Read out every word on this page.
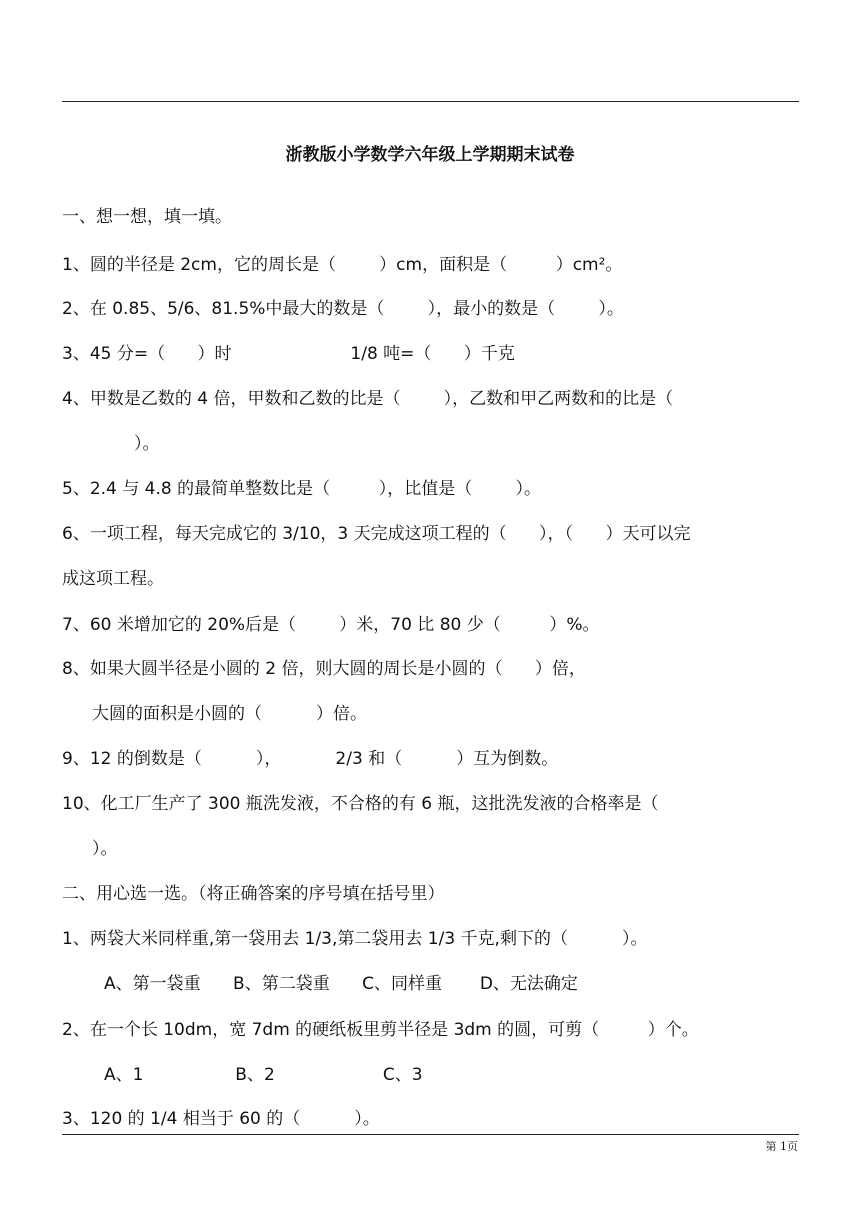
浙教版小学数学六年级上学期期末试卷
一、想一想，填一填。
1、圆的半径是 2cm，它的周长是（        ）cm，面积是（         ）cm²。
2、在 0.85、5/6、81.5%中最大的数是（        ），最小的数是（        ）。
3、45 分=（      ）时                      1/8 吨=（      ）千克
4、甲数是乙数的 4 倍，甲数和乙数的比是（        ），乙数和甲乙两数和的比是（
）。
5、2.4 与 4.8 的最简单整数比是（         ），比值是（        ）。
6、一项工程，每天完成它的 3/10，3 天完成这项工程的（      ），（      ）天可以完
成这项工程。
7、60 米增加它的 20%后是（        ）米，70 比 80 少（         ）%。
8、如果大圆半径是小圆的 2 倍，则大圆的周长是小圆的（      ）倍，
大圆的面积是小圆的（          ）倍。
9、12 的倒数是（          ），          2/3 和（          ）互为倒数。
10、化工厂生产了 300 瓶洗发液，不合格的有 6 瓶，这批洗发液的合格率是（
）。
二、用心选一选。（将正确答案的序号填在括号里）
1、两袋大米同样重,第一袋用去 1/3,第二袋用去 1/3 千克,剩下的（          ）。
A、第一袋重      B、第二袋重      C、同样重       D、无法确定
2、在一个长 10dm，宽 7dm 的硬纸板里剪半径是 3dm 的圆，可剪（         ）个。
A、1                 B、2                    C、3
3、120 的 1/4 相当于 60 的（          ）。
第 1页
